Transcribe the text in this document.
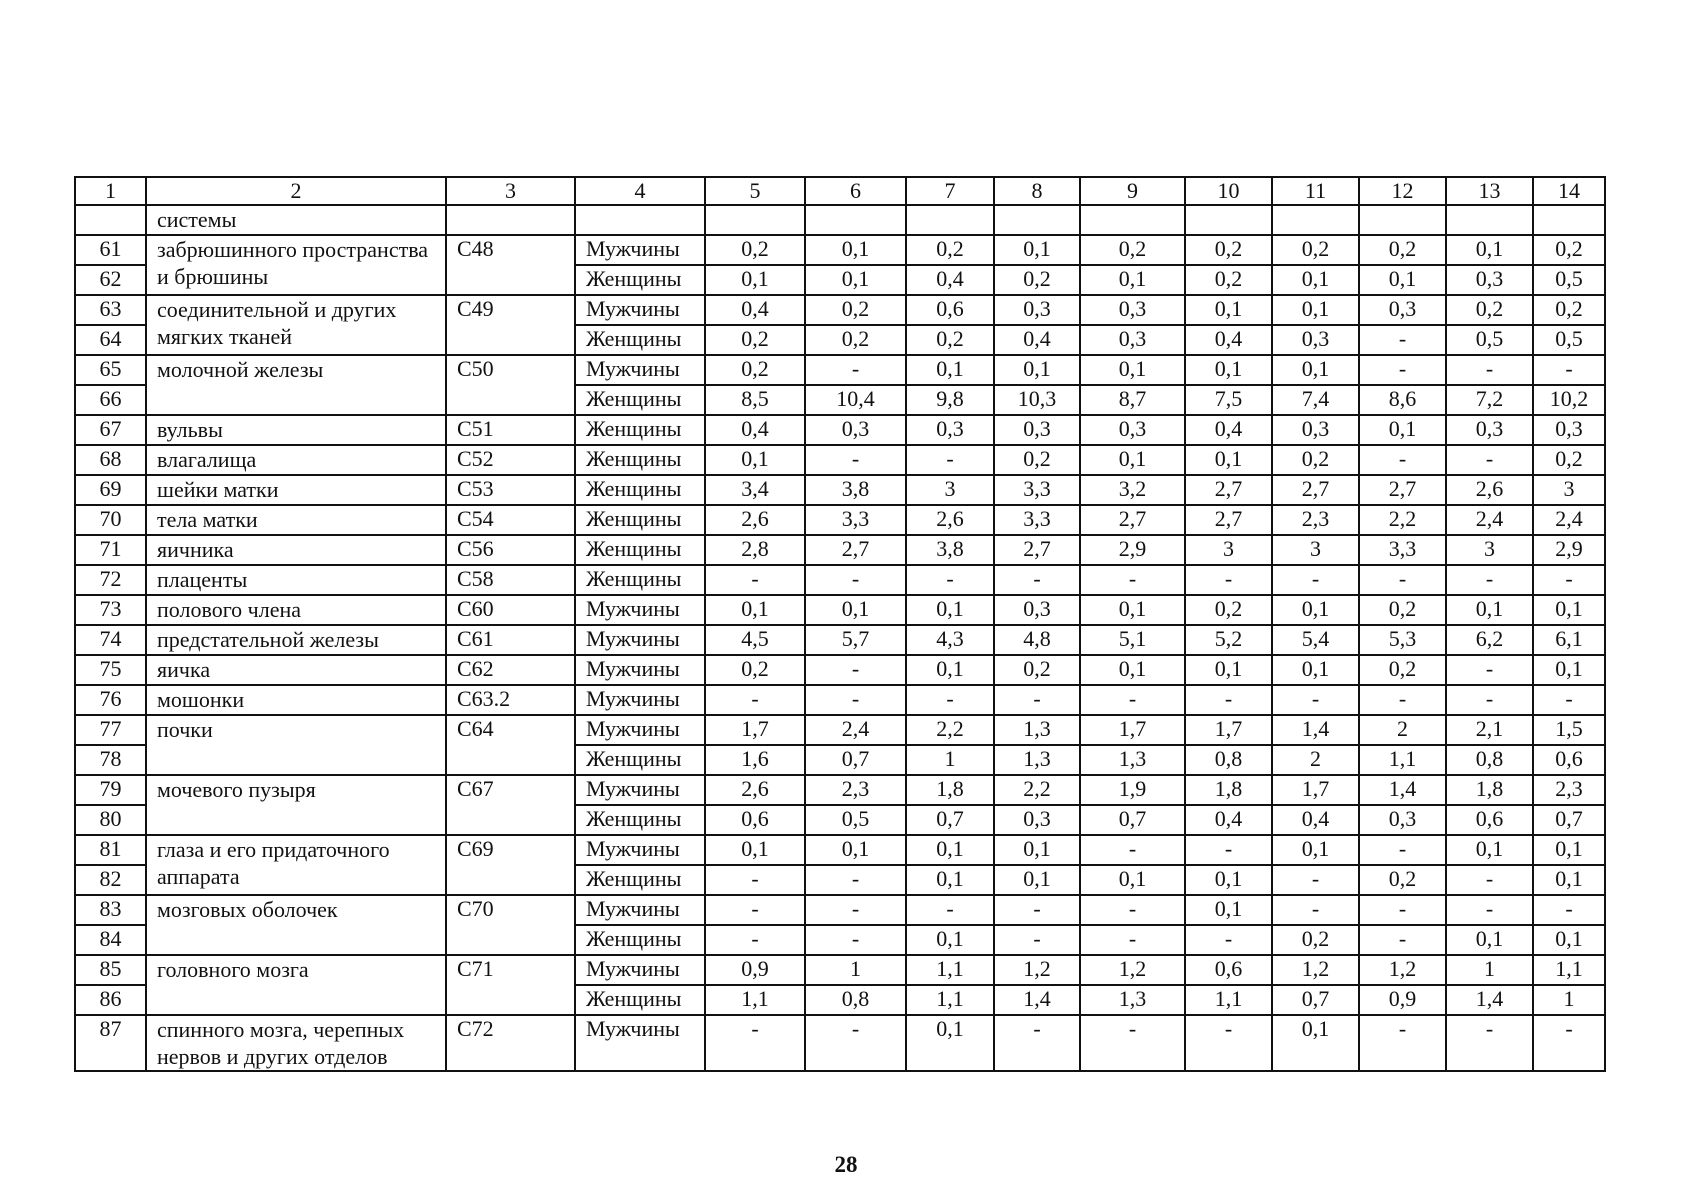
1	2	3	4	5	6	7	8	9	10	11	12	13	14
	системы												
61	забрюшинного пространства и брюшины	C48	Мужчины	0,2	0,1	0,2	0,1	0,2	0,2	0,2	0,2	0,1	0,2
62			Женщины	0,1	0,1	0,4	0,2	0,1	0,2	0,1	0,1	0,3	0,5
63	соединительной и других мягких тканей	C49	Мужчины	0,4	0,2	0,6	0,3	0,3	0,1	0,1	0,3	0,2	0,2
64			Женщины	0,2	0,2	0,2	0,4	0,3	0,4	0,3	-	0,5	0,5
65	молочной железы	C50	Мужчины	0,2	-	0,1	0,1	0,1	0,1	0,1	-	-	-
66			Женщины	8,5	10,4	9,8	10,3	8,7	7,5	7,4	8,6	7,2	10,2
67	вульвы	C51	Женщины	0,4	0,3	0,3	0,3	0,3	0,4	0,3	0,1	0,3	0,3
68	влагалища	C52	Женщины	0,1	-	-	0,2	0,1	0,1	0,2	-	-	0,2
69	шейки матки	C53	Женщины	3,4	3,8	3	3,3	3,2	2,7	2,7	2,7	2,6	3
70	тела матки	C54	Женщины	2,6	3,3	2,6	3,3	2,7	2,7	2,3	2,2	2,4	2,4
71	яичника	C56	Женщины	2,8	2,7	3,8	2,7	2,9	3	3	3,3	3	2,9
72	плаценты	C58	Женщины	-	-	-	-	-	-	-	-	-	-
73	полового члена	C60	Мужчины	0,1	0,1	0,1	0,3	0,1	0,2	0,1	0,2	0,1	0,1
74	предстательной железы	C61	Мужчины	4,5	5,7	4,3	4,8	5,1	5,2	5,4	5,3	6,2	6,1
75	яичка	C62	Мужчины	0,2	-	0,1	0,2	0,1	0,1	0,1	0,2	-	0,1
76	мошонки	C63.2	Мужчины	-	-	-	-	-	-	-	-	-	-
77	почки	C64	Мужчины	1,7	2,4	2,2	1,3	1,7	1,7	1,4	2	2,1	1,5
78			Женщины	1,6	0,7	1	1,3	1,3	0,8	2	1,1	0,8	0,6
79	мочевого пузыря	C67	Мужчины	2,6	2,3	1,8	2,2	1,9	1,8	1,7	1,4	1,8	2,3
80			Женщины	0,6	0,5	0,7	0,3	0,7	0,4	0,4	0,3	0,6	0,7
81	глаза и его придаточного аппарата	C69	Мужчины	0,1	0,1	0,1	0,1	-	-	0,1	-	0,1	0,1
82			Женщины	-	-	0,1	0,1	0,1	0,1	-	0,2	-	0,1
83	мозговых оболочек	C70	Мужчины	-	-	-	-	-	0,1	-	-	-	-
84			Женщины	-	-	0,1	-	-	-	0,2	-	0,1	0,1
85	головного мозга	C71	Мужчины	0,9	1	1,1	1,2	1,2	0,6	1,2	1,2	1	1,1
86			Женщины	1,1	0,8	1,1	1,4	1,3	1,1	0,7	0,9	1,4	1
87	спинного мозга, черепных нервов и других отделов	C72	Мужчины	-	-	0,1	-	-	-	0,1	-	-	-
28
